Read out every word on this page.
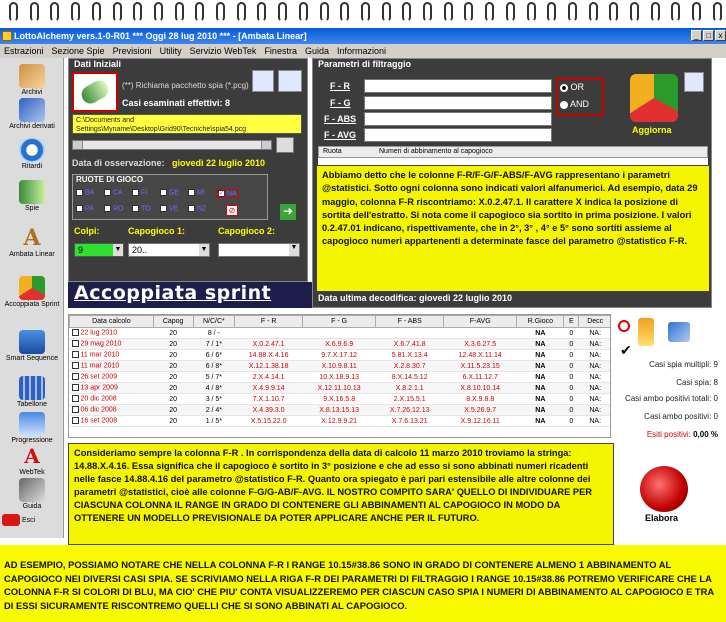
LottoAlchemy vers.1-0-R01 *** Oggi 28 lug 2010 *** - [Ambata Linear]	_ □ x
Estrazioni Sezione Spie Previsioni Utility Servizio WebTek Finestra Guida Informazioni
Archivi
Archivi derivati
Ritardi
Spie
A
Ambata Linear
Accoppiata Sprint
Smart Sequence
Tabellone
Progressione
A
WebTek
Guida
Esci
Dati Iniziali
(**) Richiama pacchetto spia (*.pcg)
Casi esaminati effettivi: 8
C:\Documents and Settings\Myname\Desktop\Grid90\Tecniche\spia54.pcg
Data di osservazione: giovedì 22 luglio 2010
RUOTE DI GIOCO
BA	CA	FI	GE	MI	✓ NA
PA	RO	TO	VE	NZ	⊘	➜
Colpi:	Capogioco 1:	Capogioco 2:
9	▼	20..	▼	▼
Accoppiata sprint
Parametri di filtraggio
F - R
F - G
F - ABS
F - AVG
OR
AND
Aggiorna
Ruota	Numeri di abbinamento al capogioco
Data ultima decodifica: giovedì 22 luglio 2010
Abbiamo detto che le colonne F-R/F-G/F-ABS/F-AVG rappresentano i parametri @statistici. Sotto ogni colonna sono indicati valori alfanumerici. Ad esempio, data 29 maggio, colonna F-R riscontriamo: X.0.2.47.1. Il carattere X indica la posizione di sortita dell'estratto. Si nota come il capogioco sia sortito in prima posizione. I valori 0.2.47.01 indicano, rispettivamente, che in 2°, 3° , 4° e 5° sono sortiti assieme al capogioco numeri appartenenti a determinate fasce del parametro @statistico F-R.
Data calcolo	Capog	N/C/C*	F - R	F - G	F - ABS	F-AVG	R.Gioco	E	Decc
22 lug 2010	20	8 / -					NA	0	NA:
29 mag 2010	20	7 / 1*	X.0.2.47.1	X.6.9.6.9	X.6.7.41.8	X.3.6.27.5	NA	0	NA:
11 mar 2010	20	6 / 6*	14.88.X.4.16	9.7.X.17.12	5.81.X.13.4	12.48.X.11.14	NA	0	NA:
11 mar 2010	20	6 / 8*	X.12.1.38.18	X.10.9.8.11	X.2.8.30.7	X.11.5.23.15	NA	0	NA:
26 set 2009	20	5 / 7*	2.X.4.14.1	10.X.18.9.13	8.X.14.5.12	6.X.11.12.7	NA	0	NA:
13 apr 2009	20	4 / 8*	X.4.9.9.14	X.12.11.10.13	X.8.2.1.1	X.8.10.10.14	NA	0	NA:
20 dic 2008	20	3 / 5*	7.X.1.10.7	9.X.16.5.8	2.X.15.5.1	8.X.9.8.8	NA	0	NA:
06 dic 2008	20	2 / 4*	X.4.39.3.0	X.8.13.15.13	X.7.26.12.13	X.5.26.9.7	NA	0	NA:
16 set 2008	20	1 / 5*	X.5.15.22.0	X.12.9.9.21	X.7.6.13.21	X.9.12.16.11	NA	0	NA:
✔
Casi spia multipli: 9
Casi spia: 8
Casi ambo positivi totali: 0
Casi ambo positivi: 0
Esiti positivi: 0,00 %
Elabora
Consideriamo sempre la colonna F-R . In corrispondenza della data di calcolo 11 marzo 2010 troviamo la stringa: 14.88.X.4.16. Essa significa che il capogioco è sortito in 3° posizione e che ad esso si sono abbinati numeri ricadenti nelle fasce 14.88.4.16 del parametro @statistico F-R. Quanto ora spiegato è pari pari estensibile alle altre colonne dei parametri @statistici, cioè alle colonne F-G/G-AB/F-AVG. IL NOSTRO COMPITO SARA' QUELLO DI INDIVIDUARE PER CIASCUNA COLONNA IL RANGE IN GRADO DI CONTENERE GLI ABBINAMENTI AL CAPOGIOCO IN MODO DA OTTENERE UN MODELLO PREVISIONALE DA POTER APPLICARE ANCHE PER IL FUTURO.
AD ESEMPIO, POSSIAMO NOTARE CHE NELLA COLONNA F-R I RANGE 10.15#38.86 SONO IN GRADO DI CONTENERE ALMENO 1 ABBINAMENTO AL CAPOGIOCO NEI DIVERSI CASI SPIA. SE SCRIVIAMO NELLA RIGA F-R DEI PARAMETRI DI FILTRAGGIO I RANGE 10.15#38.86 POTREMO VERIFICARE CHE LA COLONNA F-R SI COLORI DI BLU, MA CIO' CHE PIU' CONTA VISUALIZZEREMO PER CIASCUN CASO SPIA I NUMERI DI ABBINAMENTO AL CAPOGIOCO E TRA DI ESSI SICURAMENTE RISCONTREMO QUELLI CHE SI SONO ABBINATI AL CAPOGIOCO.
